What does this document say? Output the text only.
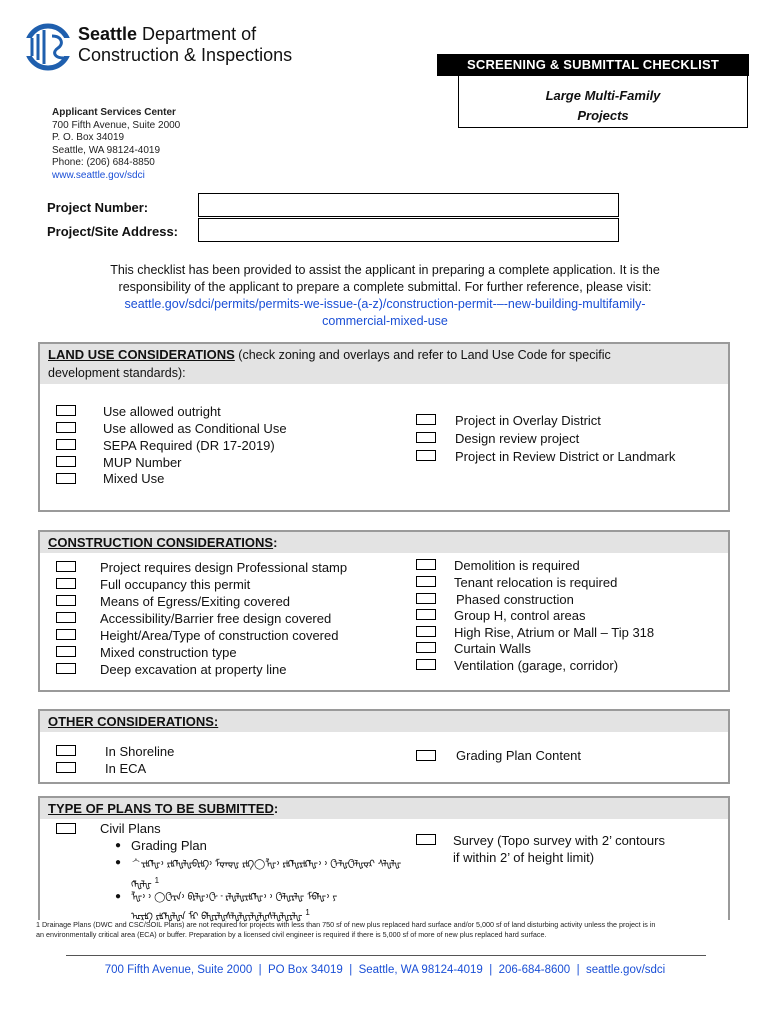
Seattle Department of
Construction & Inspections	SCREENING & SUBMITTAL CHECKLIST
Large Multi-Family
Projects
Applicant Services Center
700 Fifth Avenue, Suite 2000
P. O. Box 34019
Seattle, WA 98124-4019
Phone: (206) 684-8850
www.seattle.gov/sdci
Project Number:
Project/Site Address:
This checklist has been provided to assist the applicant in preparing a complete application. It is the responsibility of the applicant to prepare a complete submittal. For further reference, please visit:
seattle.gov/sdci/permits/permits-we-issue-(a-z)/construction-permit-–-new-building-multifamily-
commercial-mixed-use
LAND USE CONSIDERATIONS (check zoning and overlays and refer to Land Use Code for specific
development standards):
Use allowed outright
Use allowed as Conditional Use
SEPA Required (DR 17-2019)
MUP Number
Mixed Use
Project in Overlay District
Design review project
Project in Review District or Landmark
CONSTRUCTION CONSIDERATIONS:
Project requires design Professional stamp
Full occupancy this permit
Means of Egress/Exiting covered
Accessibility/Barrier free design covered
Height/Area/Type of construction covered
Mixed construction type
Deep excavation at property line
Demolition is required
Tenant relocation is required
Phased construction
Group H, control areas
High Rise, Atrium or Mall – Tip 318
Curtain Walls
Ventilation (garage, corridor)
OTHER CONSIDERATIONS:
In Shoreline
In ECA
Grading Plan Content
TYPE OF PLANS TO BE SUBMITTED:
Civil Plans
● Grading Plan
● ᄉ᠊ᠷᡌᡀ᠈ ᠷᡌᡀᡀᠪᠷᡌ᠈ ᠮᡇᠡᡇᡁ ᠷᡌ◯ᡀ᠈ ᠷᡌᡀᠷᡌᡀ᠈ ᠈ ᠿ᠊ᡀᠿᡀᡇᠷ ᠰᡀᡀ
ᠬᡀᡀ $^1$
● ᡀ᠈ ᠈ ◯ᠿᠷᠠ᠈ ᠪᠷᡀ᠈ᠿ ᠊ ᠷᡀᡀᠷᡌᡀ᠈ ᠈ ᠿᡀᠷᡀ ᠮᠪᡀ᠈ ᠶ
ᡅᠷᡌ ᠷᡌᡀᡀᠠ ᠮᠷ ᠪᡀᠷᡀᠰᡀᡀᠶᡀᡀᠰᡀᡀᠷᡀ $^1$
Survey (Topo survey with 2’ contours
if within 2’ of height limit)
1 Drainage Plans (DWC and CSC/SOIL Plans) are not required for projects with less than 750 sf of new plus replaced hard surface and/or 5,000 sf of land disturbing activity unless the project is in
an environmentally critical area (ECA) or buffer. Preparation by a licensed civil engineer is required if there is 5,000 sf of more of new plus replaced hard surface.
700 Fifth Avenue, Suite 2000  |  PO Box 34019  |  Seattle, WA 98124-4019  |  206-684-8600  |  seattle.gov/sdci
